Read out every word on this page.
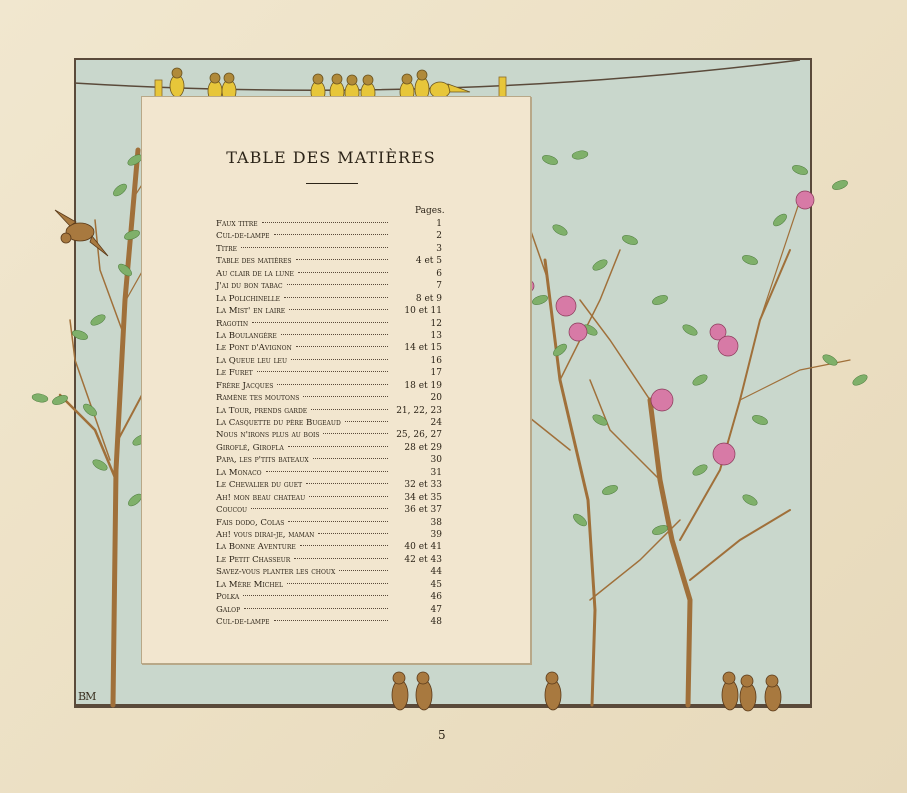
TABLE DES MATIÈRES
Pages.
Faux titre	1
Cul-de-lampe	2
Titre	3
Table des matières	4 et 5
Au clair de la lune	6
J'ai du bon tabac	7
La Polichinelle	8 et 9
La Mist' en laire	10 et 11
Ragotin	12
La Boulangère	13
Le Pont d'Avignon	14 et 15
La Queue leu leu	16
Le Furet	17
Frère Jacques	18 et 19
Ramène tes moutons	20
La Tour, prends garde	21, 22, 23
La Casquette du père Bugeaud	24
Nous n'irons plus au bois	25, 26, 27
Giroflé, Girofla	28 et 29
Papa, les p'tits bateaux	30
La Monaco	31
Le Chevalier du guet	32 et 33
Ah! mon beau chateau	34 et 35
Coucou	36 et 37
Fais dodo, Colas	38
Ah! vous dirai-je, maman	39
La Bonne Aventure	40 et 41
Le Petit Chasseur	42 et 43
Savez-vous planter les choux	44
La Mère Michel	45
Polka	46
Galop	47
Cul-de-lampe	48
BM
5
